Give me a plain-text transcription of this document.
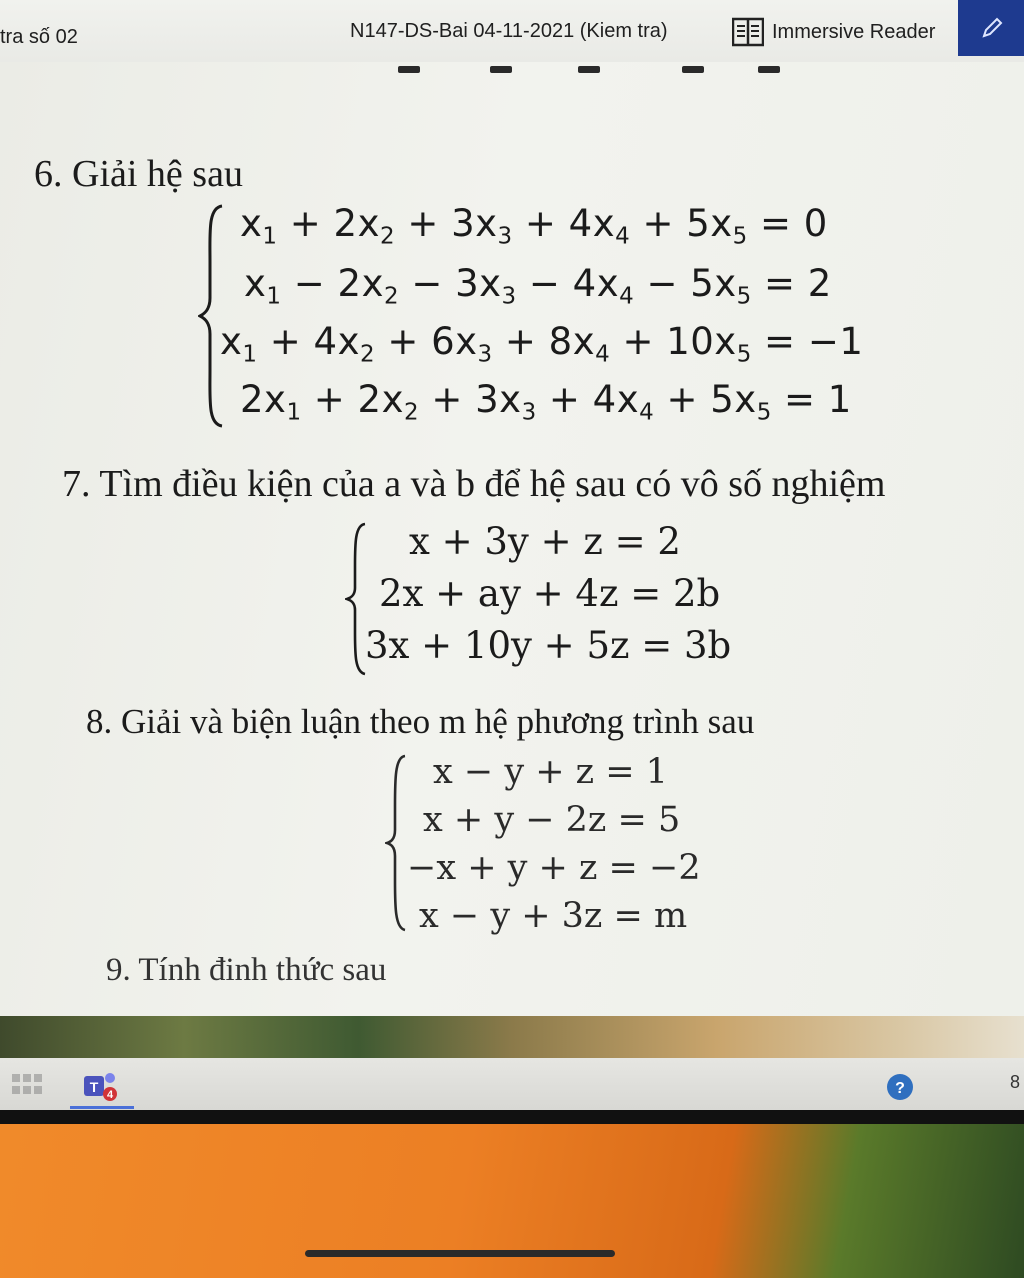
tra số 02	N147-DS-Bai 04-11-2021 (Kiem tra)	Immersive Reader
6. Giải hệ sau
$x_1 + 2x_2 + 3x_3 + 4x_4 + 5x_5 = 0$
$x_1 - 2x_2 - 3x_3 - 4x_4 - 5x_5 = 2$
$x_1 + 4x_2 + 6x_3 + 8x_4 + 10x_5 = -1$
$2x_1 + 2x_2 + 3x_3 + 4x_4 + 5x_5 = 1$
7. Tìm điều kiện của a và b để hệ sau có vô số nghiệm
x + 3y + z = 2
2x + ay + 4z = 2b
3x + 10y + 5z = 3b
8. Giải và biện luận theo m hệ phương trình sau
x − y + z = 1
x + y − 2z = 5
−x + y + z = −2
x − y + 3z = m
9. Tính đinh thức sau
T 4	?	8
